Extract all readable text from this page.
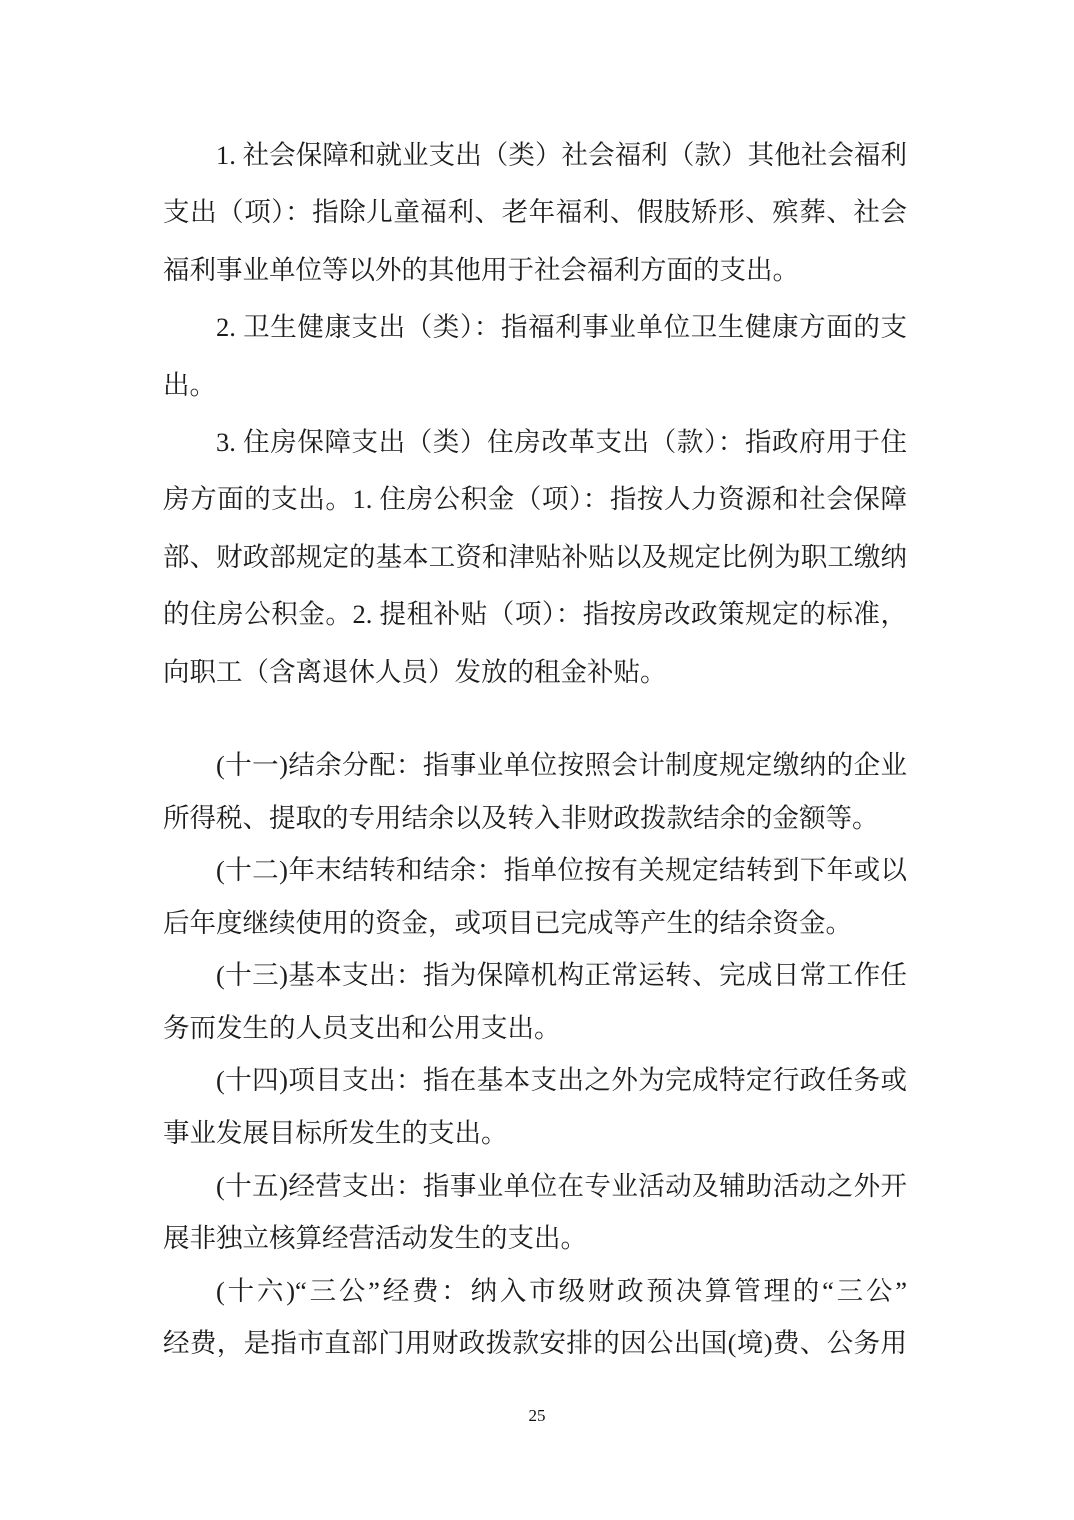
1. 社会保障和就业支出（类）社会福利（款）其他社会福利
支出（项）：指除儿童福利、老年福利、假肢矫形、殡葬、社会
福利事业单位等以外的其他用于社会福利方面的支出。
2. 卫生健康支出（类）：指福利事业单位卫生健康方面的支
出。
3. 住房保障支出（类）住房改革支出（款）：指政府用于住
房方面的支出。1. 住房公积金（项）：指按人力资源和社会保障
部、财政部规定的基本工资和津贴补贴以及规定比例为职工缴纳
的住房公积金。2. 提租补贴（项）：指按房改政策规定的标准，
向职工（含离退休人员）发放的租金补贴。
(十一)结余分配：指事业单位按照会计制度规定缴纳的企业
所得税、提取的专用结余以及转入非财政拨款结余的金额等。
(十二)年末结转和结余：指单位按有关规定结转到下年或以
后年度继续使用的资金，或项目已完成等产生的结余资金。
(十三)基本支出：指为保障机构正常运转、完成日常工作任
务而发生的人员支出和公用支出。
(十四)项目支出：指在基本支出之外为完成特定行政任务或
事业发展目标所发生的支出。
(十五)经营支出：指事业单位在专业活动及辅助活动之外开
展非独立核算经营活动发生的支出。
(十六)“三公”经费：纳入市级财政预决算管理的“三公”
经费，是指市直部门用财政拨款安排的因公出国(境)费、公务用
25
